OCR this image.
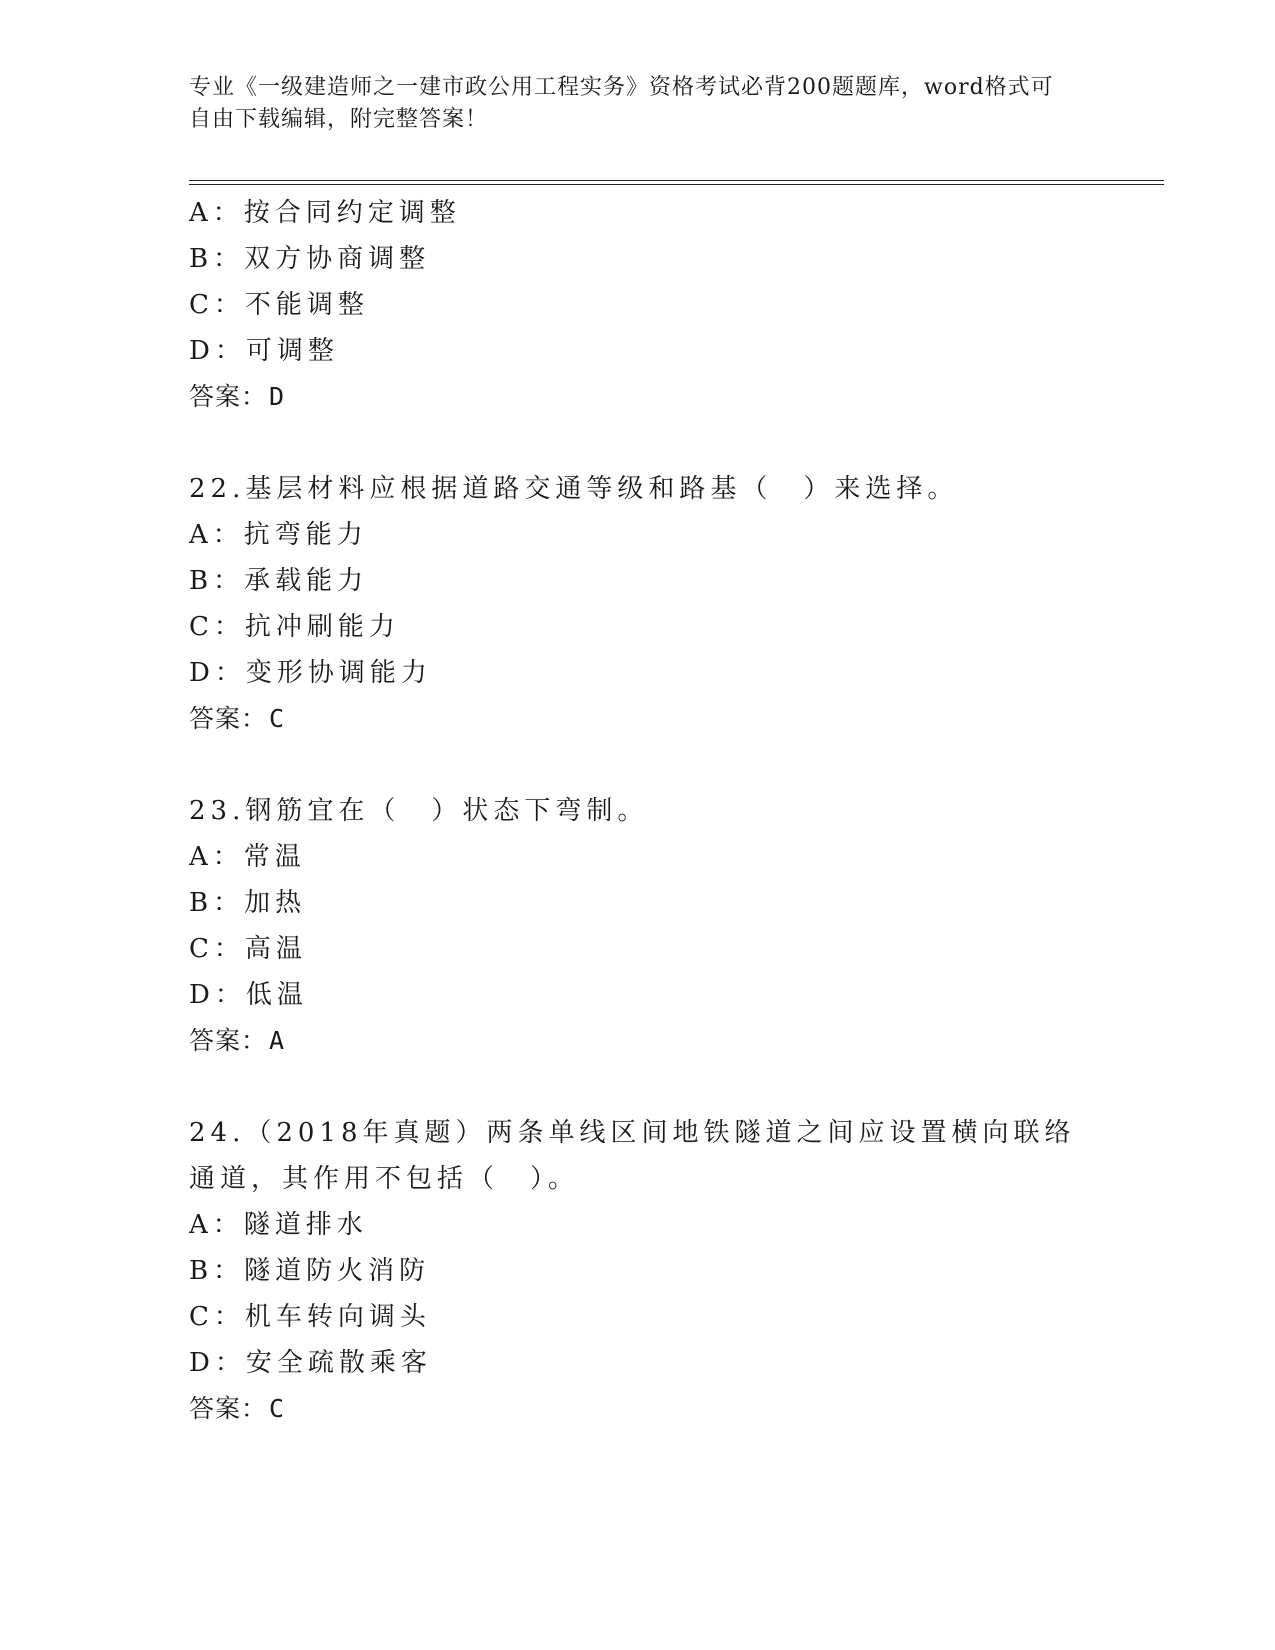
专业《一级建造师之一建市政公用工程实务》资格考试必背200题题库，word格式可自由下载编辑，附完整答案！
A：按合同约定调整
B：双方协商调整
C：不能调整
D：可调整
答案：D
22.基层材料应根据道路交通等级和路基（　）来选择。
A：抗弯能力
B：承载能力
C：抗冲刷能力
D：变形协调能力
答案：C
23.钢筋宜在（　）状态下弯制。
A：常温
B：加热
C：高温
D：低温
答案：A
24.（2018年真题）两条单线区间地铁隧道之间应设置横向联络通道，其作用不包括（　）。
A：隧道排水
B：隧道防火消防
C：机车转向调头
D：安全疏散乘客
答案：C
